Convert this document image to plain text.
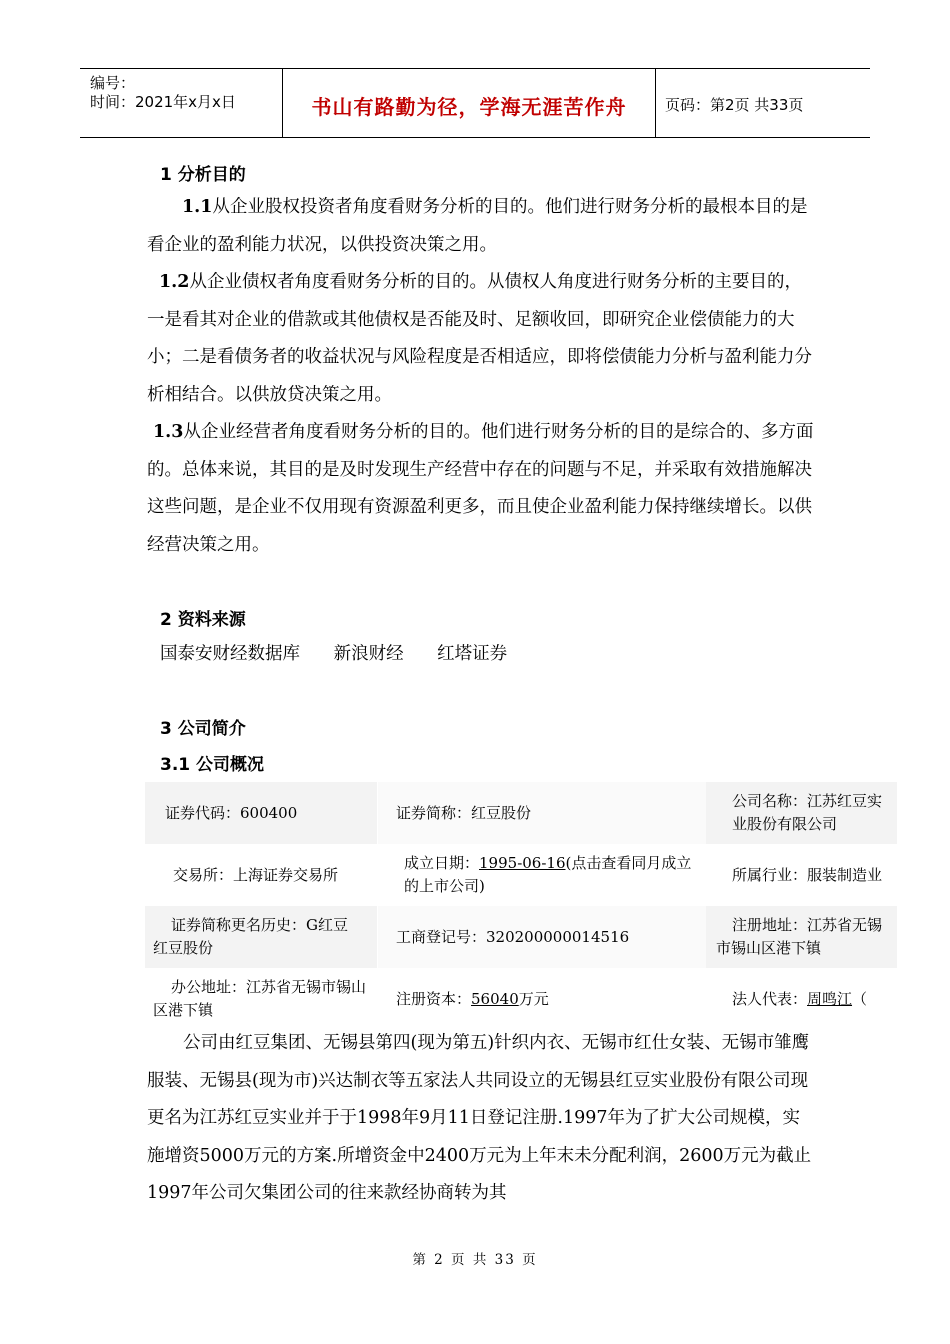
编号：
时间：2021年x月x日	书山有路勤为径，学海无涯苦作舟	页码：第2页 共33页
1 分析目的
1.1从企业股权投资者角度看财务分析的目的。他们进行财务分析的最根本目的是看企业的盈利能力状况，以供投资决策之用。
1.2从企业债权者角度看财务分析的目的。从债权人角度进行财务分析的主要目的，一是看其对企业的借款或其他债权是否能及时、足额收回，即研究企业偿债能力的大小；二是看债务者的收益状况与风险程度是否相适应，即将偿债能力分析与盈利能力分析相结合。以供放贷决策之用。
1.3从企业经营者角度看财务分析的目的。他们进行财务分析的目的是综合的、多方面的。总体来说，其目的是及时发现生产经营中存在的问题与不足，并采取有效措施解决这些问题，是企业不仅用现有资源盈利更多，而且使企业盈利能力保持继续增长。以供经营决策之用。
2 资料来源
国泰安财经数据库 新浪财经 红塔证券
3 公司简介
3.1 公司概况
证券代码：600400	证券简称：红豆股份	公司名称：江苏红豆实业股份有限公司

交易所：上海证券交易所	成立日期：1995-06-16(点击查看同月成立的上市公司)	所属行业：服装制造业

证券简称更名历史：G红豆 红豆股份	工商登记号：320200000014516	注册地址：江苏省无锡市锡山区港下镇

办公地址：江苏省无锡市锡山区港下镇	注册资本：56040万元	法人代表：周鸣江（
公司由红豆集团、无锡县第四(现为第五)针织内衣、无锡市红仕女装、无锡市雏鹰服装、无锡县(现为市)兴达制衣等五家法人共同设立的无锡县红豆实业股份有限公司现更名为江苏红豆实业并于于1998年9月11日登记注册.1997年为了扩大公司规模，实施增资5000万元的方案.所增资金中2400万元为上年末未分配利润，2600万元为截止1997年公司欠集团公司的往来款经协商转为其
第 2 页 共 33 页
